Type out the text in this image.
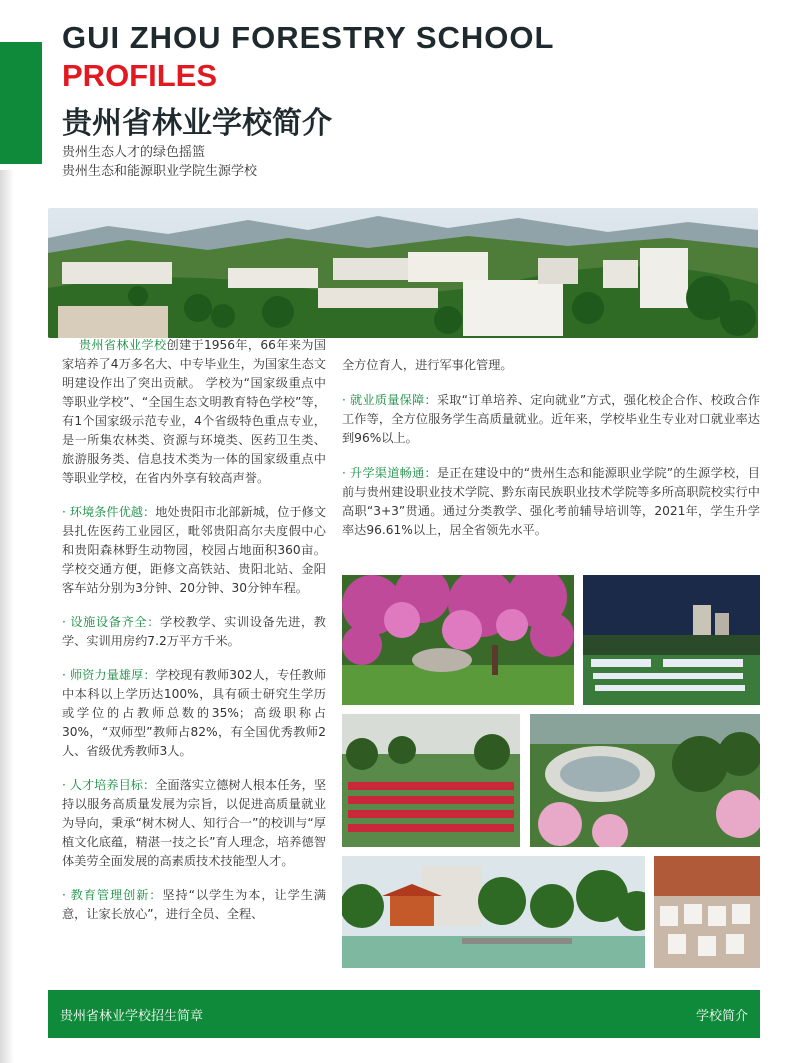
GUI ZHOU FORESTRY SCHOOL
PROFILES
贵州省林业学校简介
贵州生态人才的绿色摇篮
贵州生态和能源职业学院生源学校

贵州省林业学校创建于1956年，66年来为国家培养了4万多名大、中专毕业生，为国家生态文明建设作出了突出贡献。 学校为“国家级重点中等职业学校”、“全国生态文明教育特色学校”等，有1个国家级示范专业，4个省级特色重点专业，是一所集农林类、资源与环境类、医药卫生类、旅游服务类、信息技术类为一体的国家级重点中等职业学校，在省内外享有较高声誉。

· 环境条件优越：地处贵阳市北部新城，位于修文县扎佐医药工业园区，毗邻贵阳高尔夫度假中心和贵阳森林野生动物园，校园占地面积360亩。学校交通方便，距修文高铁站、贵阳北站、金阳客车站分别为3分钟、20分钟、30分钟车程。

· 设施设备齐全：学校教学、实训设备先进，教学、实训用房约7.2万平方千米。

· 师资力量雄厚：学校现有教师302人，专任教师中本科以上学历达100%，具有硕士研究生学历或学位的占教师总数的35%；高级职称占30%，“双师型”教师占82%，有全国优秀教师2人、省级优秀教师3人。

· 人才培养目标：全面落实立德树人根本任务，坚持以服务高质量发展为宗旨，以促进高质量就业为导向，秉承“树木树人、知行合一”的校训与“厚植文化底蕴，精湛一技之长”育人理念，培养德智体美劳全面发展的高素质技术技能型人才。

· 教育管理创新：坚持“以学生为本，让学生满意，让家长放心”，进行全员、全程、

全方位育人，进行军事化管理。

· 就业质量保障：采取“订单培养、定向就业”方式，强化校企合作、校政合作工作等，全方位服务学生高质量就业。近年来，学校毕业生专业对口就业率达到96%以上。

· 升学渠道畅通：是正在建设中的“贵州生态和能源职业学院”的生源学校，目前与贵州建设职业技术学院、黔东南民族职业技术学院等多所高职院校实行中高职“3+3”贯通。通过分类教学、强化考前辅导培训等，2021年，学生升学率达96.61%以上，居全省领先水平。

贵州省林业学校招生简章	学校简介
